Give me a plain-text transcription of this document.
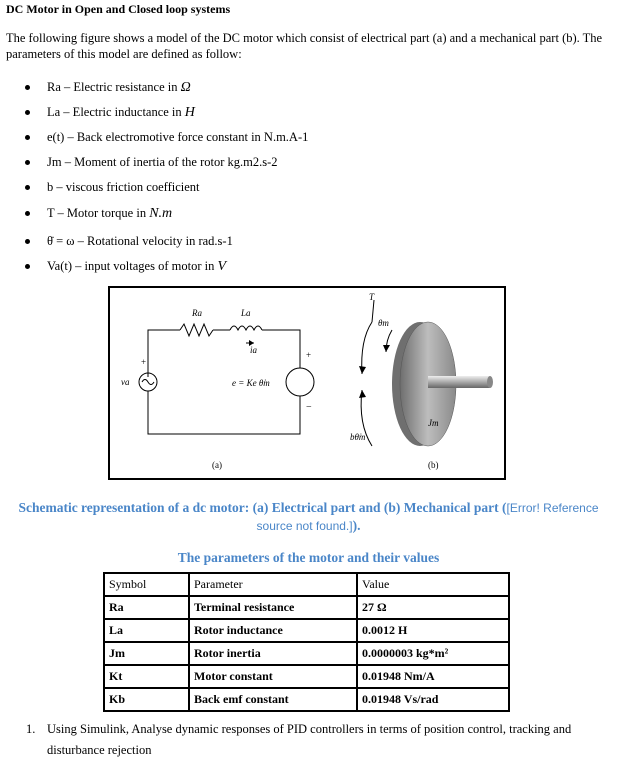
DC Motor in Open and Closed loop systems
The following figure shows a model of the DC motor which consist of electrical part (a) and a mechanical part (b). The parameters of this model are defined as follow:
Ra – Electric resistance in Ω
La – Electric inductance in H
e(t) – Back electromotive force constant in N.m.A-1
Jm – Moment of inertia of the rotor kg.m2.s-2
b – viscous friction coefficient
T – Motor torque in N.m
θ̇ = ω – Rotational velocity in rad.s-1
Va(t) – input voltages of motor in V
Ra	La
ia
va
+
+
−
e = Ke θ̇m
(a)
T
θm
bθ̇m
Jm
(b)
Schematic representation of a dc motor: (a) Electrical part and (b) Mechanical part ([Error! Reference source not found.]).
The parameters of the motor and their values
Symbol	Parameter	Value
Ra	Terminal resistance	27 Ω
La	Rotor inductance	0.0012 H
Jm	Rotor inertia	0.0000003 kg*m²
Kt	Motor constant	0.01948 Nm/A
Kb	Back emf constant	0.01948 Vs/rad
1. Using Simulink, Analyse dynamic responses of PID controllers in terms of position control, tracking and disturbance rejection
